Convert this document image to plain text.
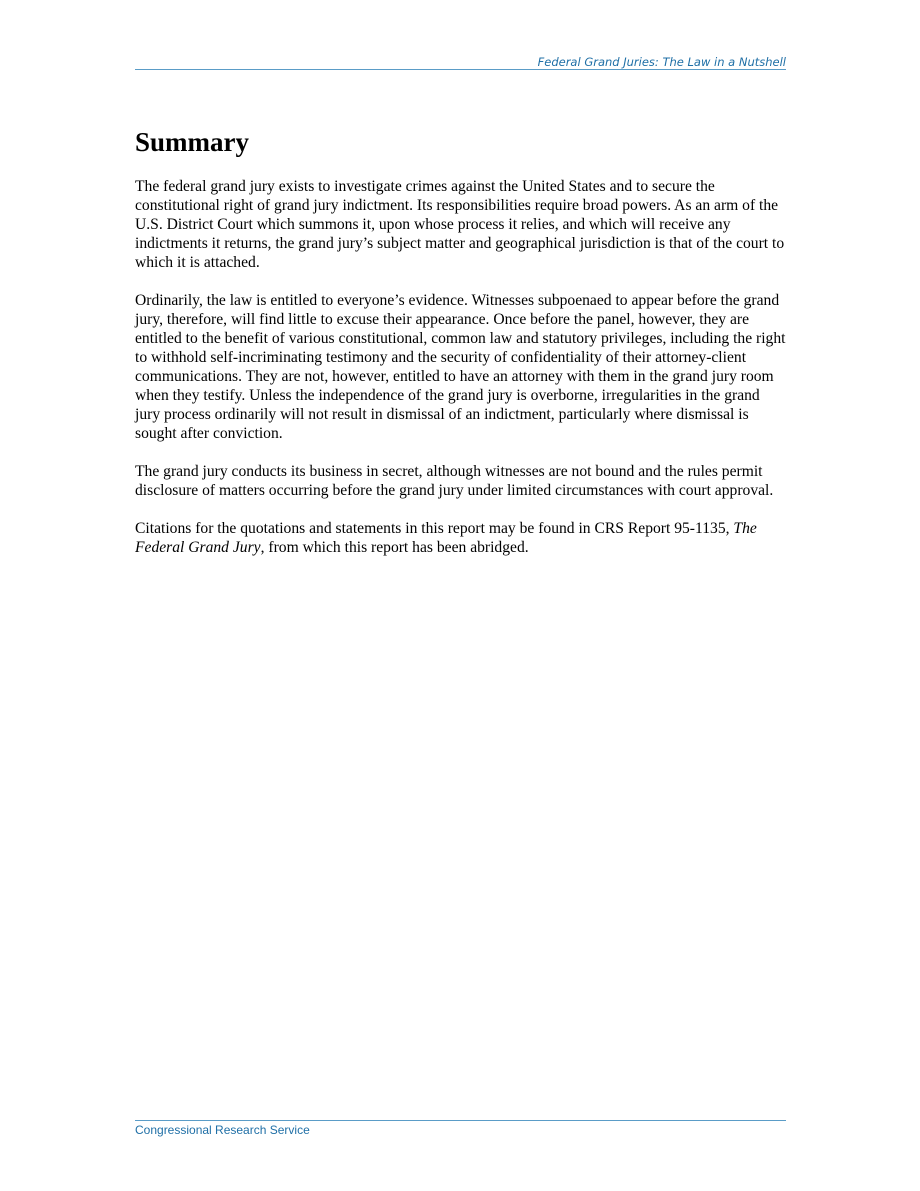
Federal Grand Juries: The Law in a Nutshell
Summary

The federal grand jury exists to investigate crimes against the United States and to secure the constitutional right of grand jury indictment. Its responsibilities require broad powers. As an arm of the U.S. District Court which summons it, upon whose process it relies, and which will receive any indictments it returns, the grand jury’s subject matter and geographical jurisdiction is that of the court to which it is attached.

Ordinarily, the law is entitled to everyone’s evidence. Witnesses subpoenaed to appear before the grand jury, therefore, will find little to excuse their appearance. Once before the panel, however, they are entitled to the benefit of various constitutional, common law and statutory privileges, including the right to withhold self-incriminating testimony and the security of confidentiality of their attorney-client communications. They are not, however, entitled to have an attorney with them in the grand jury room when they testify. Unless the independence of the grand jury is overborne, irregularities in the grand jury process ordinarily will not result in dismissal of an indictment, particularly where dismissal is sought after conviction.

The grand jury conducts its business in secret, although witnesses are not bound and the rules permit disclosure of matters occurring before the grand jury under limited circumstances with court approval.

Citations for the quotations and statements in this report may be found in CRS Report 95-1135, The Federal Grand Jury, from which this report has been abridged.

Congressional Research Service
